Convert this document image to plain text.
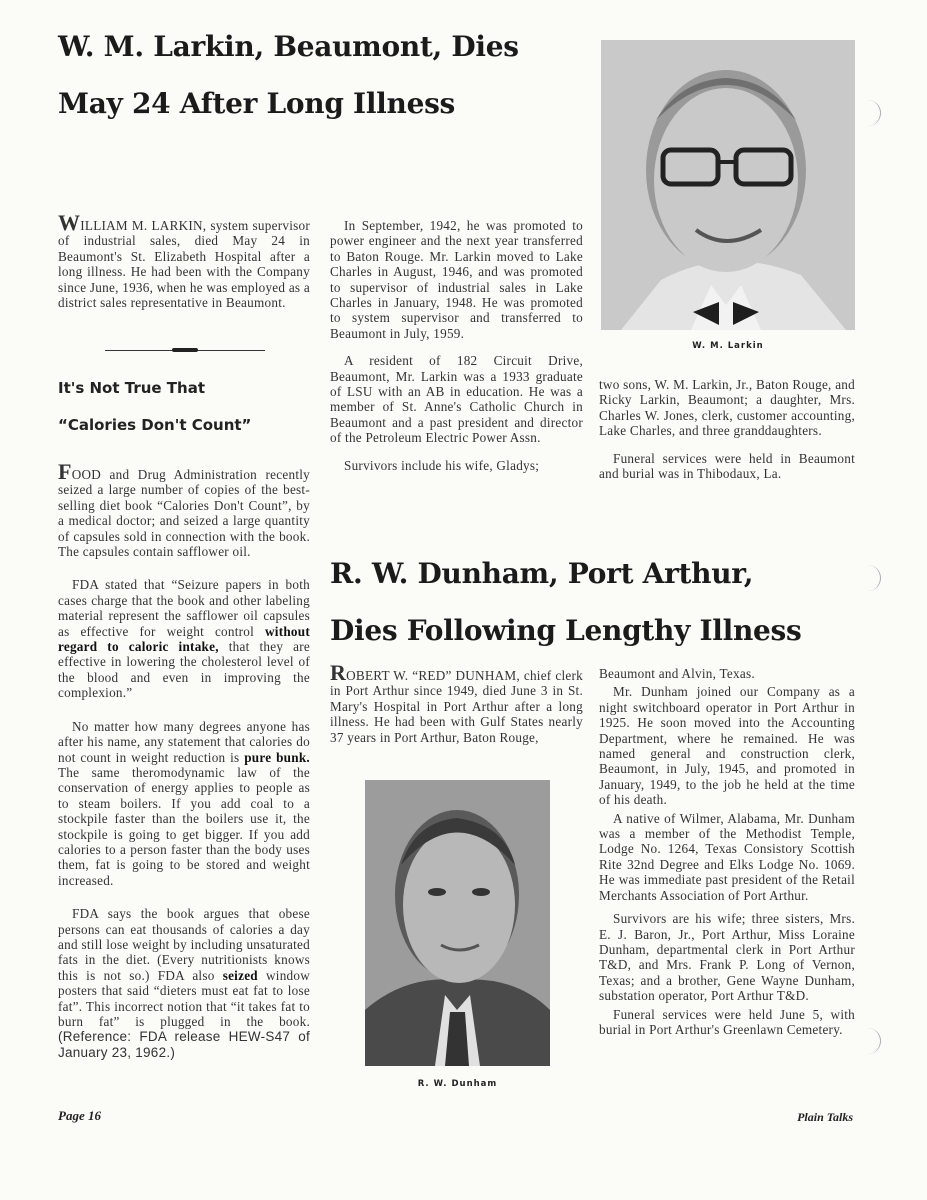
W. M. Larkin, Beaumont, Dies
May 24 After Long Illness
W. M. Larkin

WILLIAM M. LARKIN, system supervisor of industrial sales, died May 24 in Beaumont's St. Elizabeth Hospital after a long illness. He had been with the Company since June, 1936, when he was employed as a district sales representative in Beaumont.

It's Not True That
“Calories Don't Count”

FOOD and Drug Administration recently seized a large number of copies of the best-selling diet book “Calories Don't Count”, by a medical doctor; and seized a large quantity of capsules sold in connection with the book. The capsules contain safflower oil.

FDA stated that “Seizure papers in both cases charge that the book and other labeling material represent the safflower oil capsules as effective for weight control without regard to caloric intake, that they are effective in lowering the cholesterol level of the blood and even in improving the complexion.”

No matter how many degrees anyone has after his name, any statement that calories do not count in weight reduction is pure bunk. The same theromodynamic law of the conservation of energy applies to people as to steam boilers. If you add coal to a stockpile faster than the boilers use it, the stockpile is going to get bigger. If you add calories to a person faster than the body uses them, fat is going to be stored and weight increased.

FDA says the book argues that obese persons can eat thousands of calories a day and still lose weight by including unsaturated fats in the diet. (Every nutritionists knows this is not so.) FDA also seized window posters that said “dieters must eat fat to lose fat”. This incorrect notion that “it takes fat to burn fat” is plugged in the book. (Reference: FDA release HEW-S47 of January 23, 1962.)

In September, 1942, he was promoted to power engineer and the next year transferred to Baton Rouge. Mr. Larkin moved to Lake Charles in August, 1946, and was promoted to supervisor of industrial sales in Lake Charles in January, 1948. He was promoted to system supervisor and transferred to Beaumont in July, 1959.

A resident of 182 Circuit Drive, Beaumont, Mr. Larkin was a 1933 graduate of LSU with an AB in education. He was a member of St. Anne's Catholic Church in Beaumont and a past president and director of the Petroleum Electric Power Assn.

Survivors include his wife, Gladys;

two sons, W. M. Larkin, Jr., Baton Rouge, and Ricky Larkin, Beaumont; a daughter, Mrs. Charles W. Jones, clerk, customer accounting, Lake Charles, and three granddaughters.

Funeral services were held in Beaumont and burial was in Thibodaux, La.

R. W. Dunham, Port Arthur,
Dies Following Lengthy Illness

ROBERT W. “RED” DUNHAM, chief clerk in Port Arthur since 1949, died June 3 in St. Mary's Hospital in Port Arthur after a long illness. He had been with Gulf States nearly 37 years in Port Arthur, Baton Rouge,

R. W. Dunham

Beaumont and Alvin, Texas.

Mr. Dunham joined our Company as a night switchboard operator in Port Arthur in 1925. He soon moved into the Accounting Department, where he remained. He was named general and construction clerk, Beaumont, in July, 1945, and promoted in January, 1949, to the job he held at the time of his death.

A native of Wilmer, Alabama, Mr. Dunham was a member of the Methodist Temple, Lodge No. 1264, Texas Consistory Scottish Rite 32nd Degree and Elks Lodge No. 1069. He was immediate past president of the Retail Merchants Association of Port Arthur.

Survivors are his wife; three sisters, Mrs. E. J. Baron, Jr., Port Arthur, Miss Loraine Dunham, departmental clerk in Port Arthur T&D, and Mrs. Frank P. Long of Vernon, Texas; and a brother, Gene Wayne Dunham, substation operator, Port Arthur T&D.

Funeral services were held June 5, with burial in Port Arthur's Greenlawn Cemetery.

Page 16	Plain Talks
